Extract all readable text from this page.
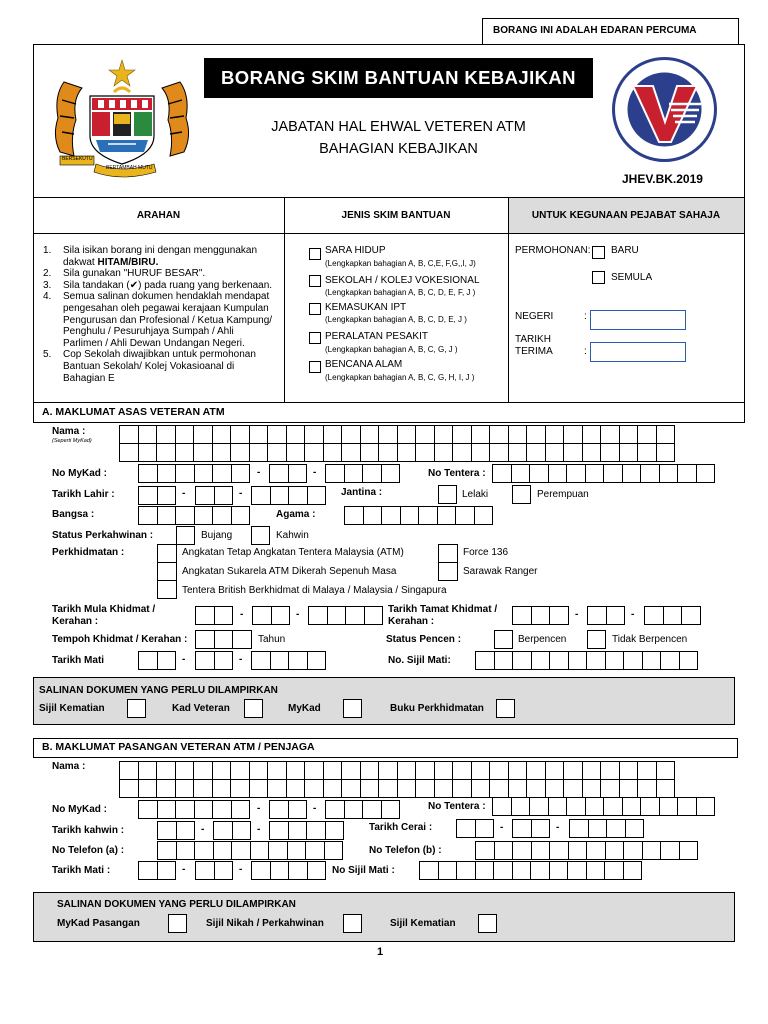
BORANG INI ADALAH EDARAN PERCUMA
BERSEKUTU
BERTAMBAH MUTU
BORANG SKIM BANTUAN KEBAJIKAN
JABATAN HAL EHWAL VETEREN ATM
BAHAGIAN KEBAJIKAN
JHEV.BK.2019
ARAHAN	JENIS SKIM BANTUAN	UNTUK KEGUNAAN PEJABAT SAHAJA
1. Sila isikan borang ini dengan menggunakan
dakwat HITAM/BIRU.
2. Sila gunakan "HURUF BESAR".
3. Sila tandakan (✔) pada ruang yang berkenaan.
4. Semua salinan dokumen hendaklah mendapat
pengesahan oleh pegawai kerajaan Kumpulan
Pengurusan dan Profesional / Ketua Kampung/
Penghulu / Pesuruhjaya Sumpah / Ahli
Parlimen / Ahli Dewan Undangan Negeri.
5. Cop Sekolah diwajibkan untuk permohonan
Bantuan Sekolah/ Kolej Vokasioanal di
Bahagian E
SARA HIDUP
(Lengkapkan bahagian A, B, C,E, F,G,,I, J)
SEKOLAH / KOLEJ VOKESIONAL
(Lengkapkan bahagian A, B, C, D, E, F, J )
KEMASUKAN IPT
(Lengkapkan bahagian A, B, C, D, E, J )
PERALATAN PESAKIT
(Lengkapkan bahagian A, B, C, G, J )
BENCANA ALAM
(Lengkapkan bahagian A, B, C, G, H, I, J )
PERMOHONAN: BARU
SEMULA
NEGERI	:
TARIKH
TERIMA	:
A. MAKLUMAT ASAS VETERAN ATM
Nama :
(Seperti MyKad)
No MyKad :	-	-	No Tentera :
Tarikh Lahir :	-	-	Jantina :	Lelaki	Perempuan
Bangsa :	Agama :
Status Perkahwinan :	Bujang	Kahwin
Perkhidmatan :	Angkatan Tetap Angkatan Tentera Malaysia (ATM)
Angkatan Sukarela ATM Dikerah Sepenuh Masa
Tentera British Berkhidmat di Malaya / Malaysia / Singapura
Force 136
Sarawak Ranger
Tarikh Mula Khidmat /
Kerahan :
-	-	Tarikh Tamat Khidmat /
Kerahan :
-	-
Tempoh Khidmat / Kerahan :	Tahun	Status Pencen :	Berpencen	Tidak Berpencen
Tarikh Mati	-	-	No. Sijil Mati:
SALINAN DOKUMEN YANG PERLU DILAMPIRKAN
Sijil Kematian	Kad Veteran	MyKad	Buku Perkhidmatan
B. MAKLUMAT PASANGAN VETERAN ATM / PENJAGA
Nama :
No MyKad :	-	-	No Tentera :
Tarikh kahwin :	-	-	Tarikh Cerai :	-	-
No Telefon (a) :	No Telefon (b) :
Tarikh Mati :	-	-	No Sijil Mati :
SALINAN DOKUMEN YANG PERLU DILAMPIRKAN
MyKad Pasangan	Sijil Nikah / Perkahwinan	Sijil Kematian
1
